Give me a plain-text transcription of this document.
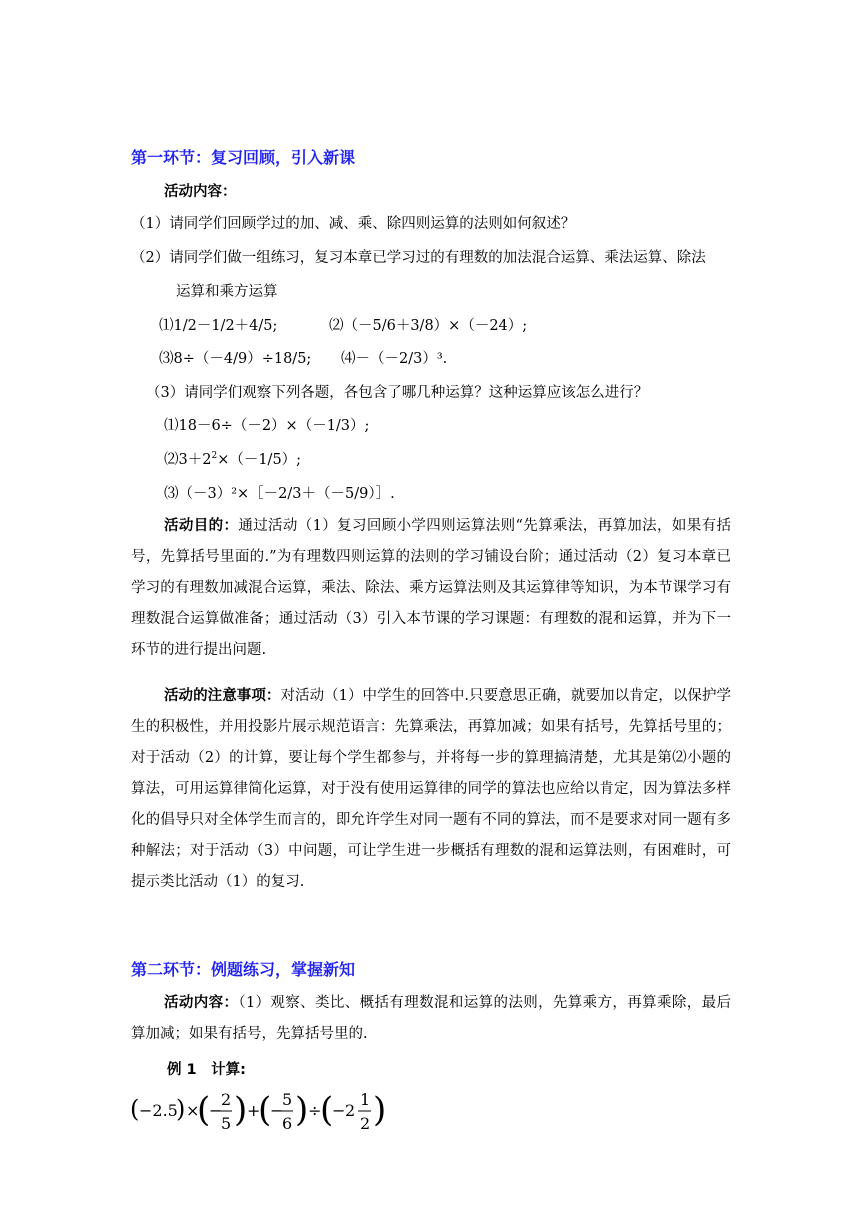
第一环节：复习回顾，引入新课
活动内容：
（1）请同学们回顾学过的加、减、乘、除四则运算的法则如何叙述？
（2）请同学们做一组练习，复习本章已学习过的有理数的加法混合运算、乘法运算、除法
运算和乘方运算
⑴1/2－1/2＋4/5;	⑵（－5/6＋3/8）×（－24）;
⑶8÷（－4/9）÷18/5; ⑷－（－2/3）³.
（3）请同学们观察下列各题，各包含了哪几种运算？这种运算应该怎么进行？
⑴18－6÷（－2）×（－1/3）;
$⑵3+2^2\times(-1/5)$;
⑶（－3）²×［－2/3＋（－5/9）］.
活动目的：通过活动（1）复习回顾小学四则运算法则“先算乘法，再算加法，如果有括号，先算括号里面的.”为有理数四则运算的法则的学习铺设台阶；通过活动（2）复习本章已学习的有理数加减混合运算，乘法、除法、乘方运算法则及其运算律等知识，为本节课学习有理数混合运算做准备；通过活动（3）引入本节课的学习课题：有理数的混和运算，并为下一环节的进行提出问题.
活动的注意事项：对活动（1）中学生的回答中.只要意思正确，就要加以肯定，以保护学生的积极性，并用投影片展示规范语言：先算乘法，再算加减；如果有括号，先算括号里的；对于活动（2）的计算，要让每个学生都参与，并将每一步的算理搞清楚，尤其是第⑵小题的算法，可用运算律简化运算，对于没有使用运算律的同学的算法也应给以肯定，因为算法多样化的倡导只对全体学生而言的，即允许学生对同一题有不同的算法，而不是要求对同一题有多种解法；对于活动（3）中问题，可让学生进一步概括有理数的混和运算法则，有困难时，可提示类比活动（1）的复习.
第二环节：例题练习，掌握新知
活动内容：（1）观察、类比、概括有理数混和运算的法则，先算乘方，再算乘除，最后算加减；如果有括号，先算括号里的.
例 1　计算:
( −2.5
) ×
(
−
2
5 ) +
(
−
5
6 ) ÷
(
− 2
1
2 )
